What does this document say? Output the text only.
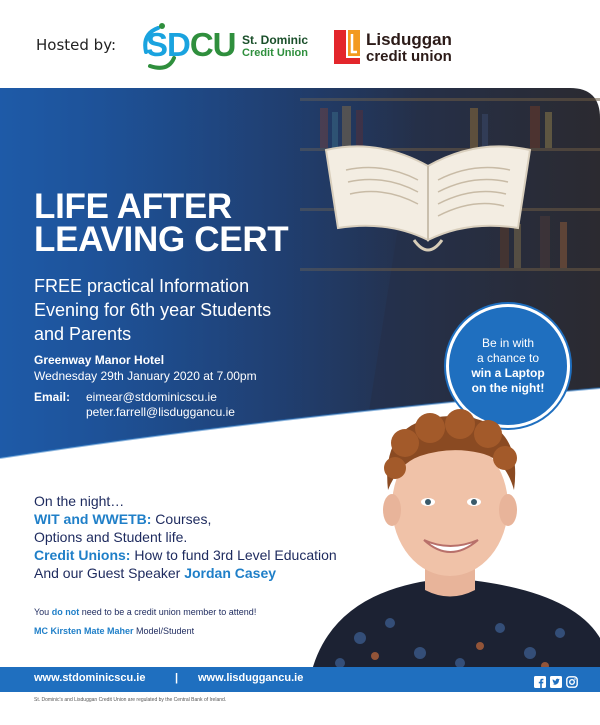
Hosted by: SDCU St. Dominic
Credit Union
Lisduggan
credit union
LIFE AFTER
LEAVING CERT
FREE practical Information
Evening for 6th year Students
and Parents
Greenway Manor Hotel
Wednesday 29th January 2020 at 7.00pm
Email: eimear@stdominicscu.ie
peter.farrell@lisduggancu.ie
Be in with
a chance to
win a Laptop
on the night!
On the night…
WIT and WWETB: Courses,
Options and Student life.
Credit Unions: How to fund 3rd Level Education
And our Guest Speaker Jordan Casey
You do not need to be a credit union member to attend!
MC Kirsten Mate Maher Model/Student
www.stdominicscu.ie	| www.lisduggancu.ie
St. Dominic's and Lisduggan Credit Union are regulated by the Central Bank of Ireland.
